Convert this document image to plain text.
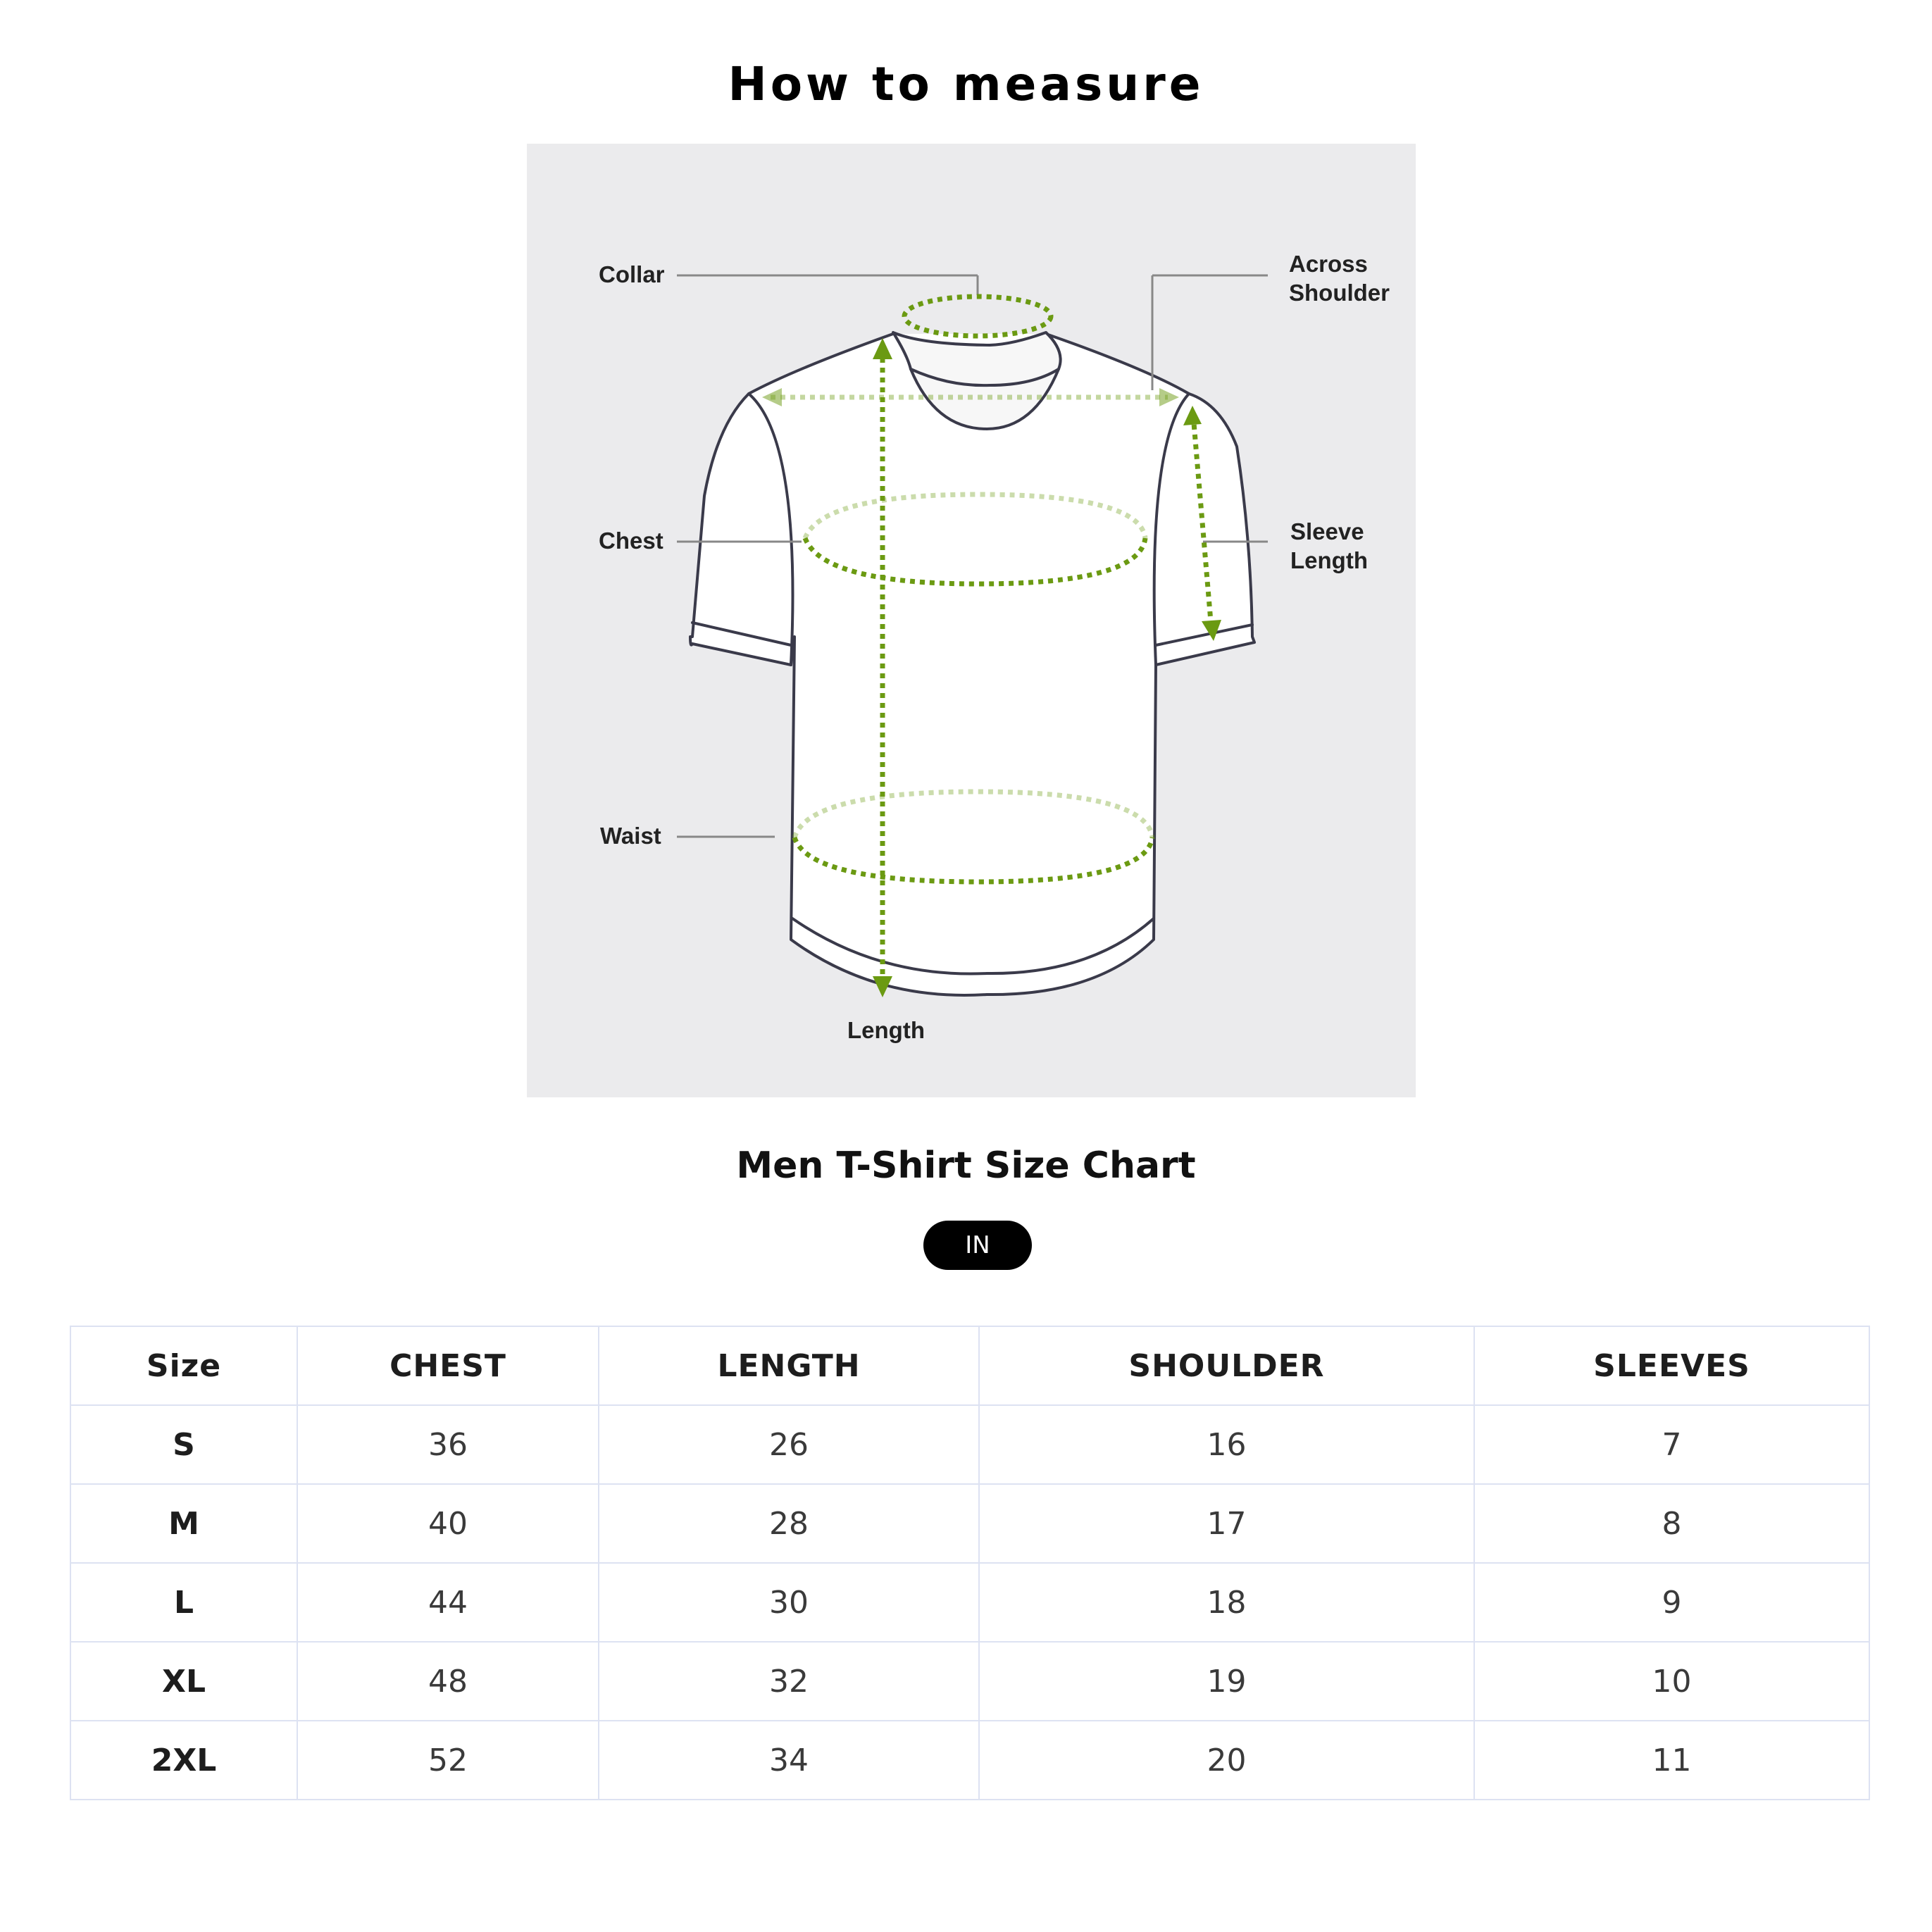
How to measure
Collar	Across
Shoulder
Chest	Sleeve
Length
Waist
Length
Men T-Shirt Size Chart
IN
Size	CHEST	LENGTH	SHOULDER	SLEEVES
S	36	26	16	7
M	40	28	17	8
L	44	30	18	9
XL	48	32	19	10
2XL	52	34	20	11
